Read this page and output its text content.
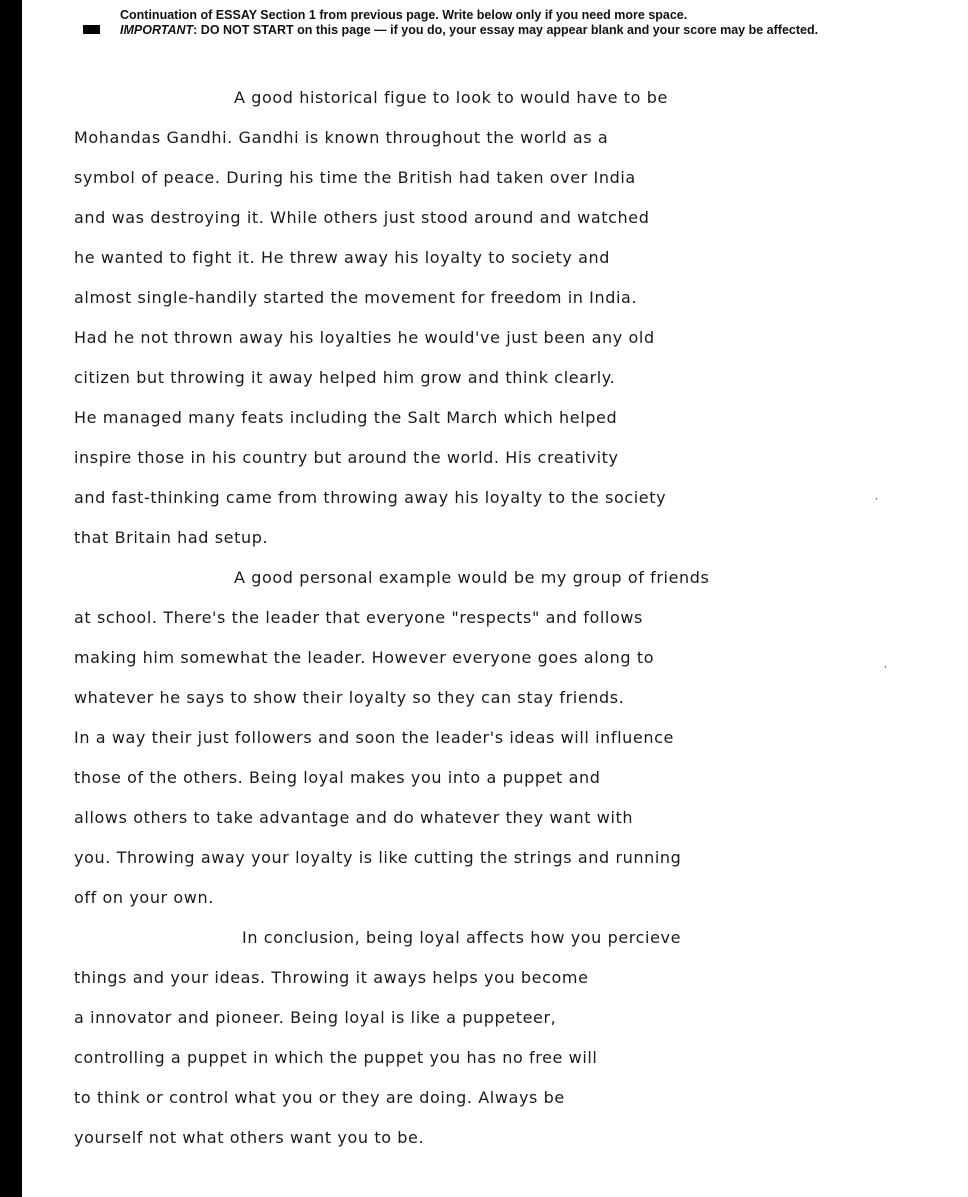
Continuation of ESSAY Section 1 from previous page. Write below only if you need more space.
IMPORTANT: DO NOT START on this page — if you do, your essay may appear blank and your score may be affected.
A good historical figue to look to would have to be
Mohandas Gandhi. Gandhi is known throughout the world as a
symbol of peace. During his time the British had taken over India
and was destroying it. While others just stood around and watched
he wanted to fight it. He threw away his loyalty to society and
almost single-handily started the movement for freedom in India.
Had he not thrown away his loyalties he would've just been any old
citizen but throwing it away helped him grow and think clearly.
He managed many feats including the Salt March which helped
inspire those in his country but around the world. His creativity
and fast-thinking came from throwing away his loyalty to the society
that Britain had setup.
A good personal example would be my group of friends
at school. There's the leader that everyone "respects" and follows
making him somewhat the leader. However everyone goes along to
whatever he says to show their loyalty so they can stay friends.
In a way their just followers and soon the leader's ideas will influence
those of the others. Being loyal makes you into a puppet and
allows others to take advantage and do whatever they want with
you. Throwing away your loyalty is like cutting the strings and running
off on your own.
In conclusion, being loyal affects how you percieve
things and your ideas. Throwing it aways helps you become
a innovator and pioneer. Being loyal is like a puppeteer,
controlling a puppet in which the puppet you has no free will
to think or control what you or they are doing. Always be
yourself not what others want you to be.
⸱
⸱
